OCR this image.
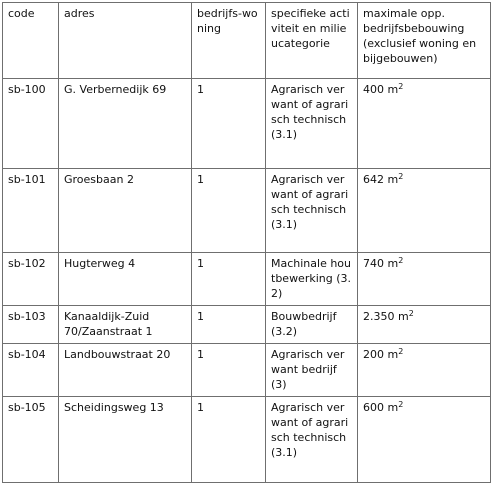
code	adres	bedrijfs-woning	specifieke activiteit en milieucategorie	maximale opp. bedrijfsbebouwing (exclusief woning en bijgebouwen)
sb-100	G. Verbernedijk 69	1	Agrarisch verwant of agrarisch technisch (3.1)	400 $m^2$
sb-101	Groesbaan 2	1	Agrarisch verwant of agrarisch technisch (3.1)	642 $m^2$
sb-102	Hugterweg 4	1	Machinale houtbewerking (3.2)	740 $m^2$
sb-103	Kanaaldijk-Zuid 70/Zaanstraat 1	1	Bouwbedrijf (3.2)	2.350 $m^2$
sb-104	Landbouwstraat 20	1	Agrarisch verwant bedrijf (3)	200 $m^2$
sb-105	Scheidingsweg 13	1	Agrarisch verwant of agrarisch technisch (3.1)	600 $m^2$
